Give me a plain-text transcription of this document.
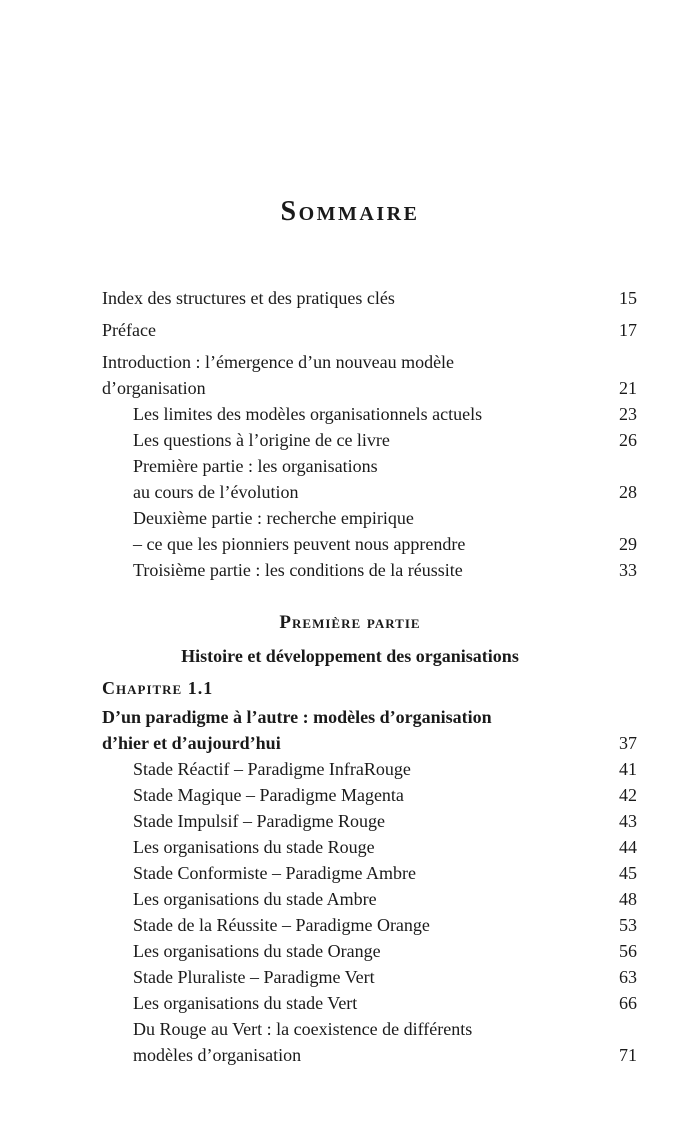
Sommaire
Index des structures et des pratiques clés	15
Préface	17
Introduction : l’émergence d’un nouveau modèle
d’organisation	21
Les limites des modèles organisationnels actuels	23
Les questions à l’origine de ce livre	26
Première partie : les organisations
au cours de l’évolution	28
Deuxième partie : recherche empirique
– ce que les pionniers peuvent nous apprendre	29
Troisième partie : les conditions de la réussite	33
Première partie
Histoire et développement des organisations
Chapitre 1.1
D’un paradigme à l’autre : modèles d’organisation
d’hier et d’aujourd’hui	37
Stade Réactif – Paradigme InfraRouge	41
Stade Magique – Paradigme Magenta	42
Stade Impulsif – Paradigme Rouge	43
Les organisations du stade Rouge	44
Stade Conformiste – Paradigme Ambre	45
Les organisations du stade Ambre	48
Stade de la Réussite – Paradigme Orange	53
Les organisations du stade Orange	56
Stade Pluraliste – Paradigme Vert	63
Les organisations du stade Vert	66
Du Rouge au Vert : la coexistence de différents
modèles d’organisation	71
